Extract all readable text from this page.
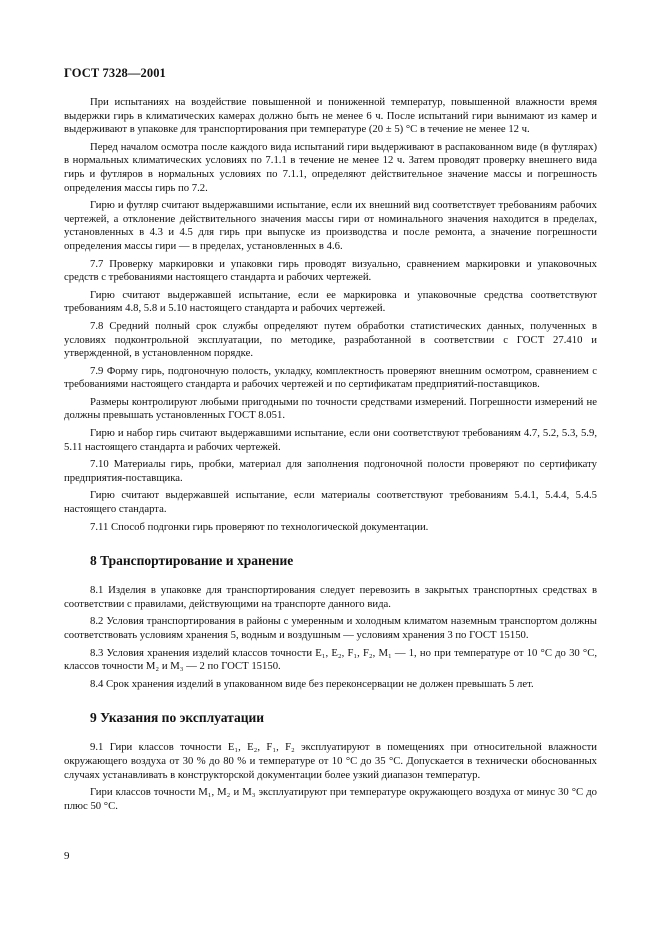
ГОСТ 7328—2001

При испытаниях на воздействие повышенной и пониженной температур, повышенной влажности время выдержки гирь в климатических камерах должно быть не менее 6 ч. После испытаний гири вынимают из камер и выдерживают в упаковке для транспортирования при температуре (20 ± 5) °С в течение не менее 12 ч.

Перед началом осмотра после каждого вида испытаний гири выдерживают в распакованном виде (в футлярах) в нормальных климатических условиях по 7.1.1 в течение не менее 12 ч. Затем проводят проверку внешнего вида гирь и футляров в нормальных условиях по 7.1.1, определяют действительное значение массы и погрешность определения массы гирь по 7.2.

Гирю и футляр считают выдержавшими испытание, если их внешний вид соответствует требованиям рабочих чертежей, а отклонение действительного значения массы гири от номинального значения находится в пределах, установленных в 4.3 и 4.5 для гирь при выпуске из производства и после ремонта, а значение погрешности определения массы гири — в пределах, установленных в 4.6.

7.7 Проверку маркировки и упаковки гирь проводят визуально, сравнением маркировки и упаковочных средств с требованиями настоящего стандарта и рабочих чертежей.

Гирю считают выдержавшей испытание, если ее маркировка и упаковочные средства соответствуют требованиям 4.8, 5.8 и 5.10 настоящего стандарта и рабочих чертежей.

7.8 Средний полный срок службы определяют путем обработки статистических данных, полученных в условиях подконтрольной эксплуатации, по методике, разработанной в соответствии с ГОСТ 27.410 и утвержденной, в установленном порядке.

7.9 Форму гирь, подгоночную полость, укладку, комплектность проверяют внешним осмотром, сравнением с требованиями настоящего стандарта и рабочих чертежей и по сертификатам предприятий-поставщиков.

Размеры контролируют любыми пригодными по точности средствами измерений. Погрешности измерений не должны превышать установленных ГОСТ 8.051.

Гирю и набор гирь считают выдержавшими испытание, если они соответствуют требованиям 4.7, 5.2, 5.3, 5.9, 5.11 настоящего стандарта и рабочих чертежей.

7.10 Материалы гирь, пробки, материал для заполнения подгоночной полости проверяют по сертификату предприятия-поставщика.

Гирю считают выдержавшей испытание, если материалы соответствуют требованиям 5.4.1, 5.4.4, 5.4.5 настоящего стандарта.

7.11 Способ подгонки гирь проверяют по технологической документации.

8 Транспортирование и хранение

8.1 Изделия в упаковке для транспортирования следует перевозить в закрытых транспортных средствах в соответствии с правилами, действующими на транспорте данного вида.

8.2 Условия транспортирования в районы с умеренным и холодным климатом наземным транспортом должны соответствовать условиям хранения 5, водным и воздушным — условиям хранения 3 по ГОСТ 15150.

8.3 Условия хранения изделий классов точности E₁, E₂, F₁, F₂, M₁ — 1, но при температуре от 10 °С до 30 °С, классов точности M₂ и M₃ — 2 по ГОСТ 15150.

8.4 Срок хранения изделий в упакованном виде без переконсервации не должен превышать 5 лет.

9 Указания по эксплуатации

9.1 Гири классов точности E₁, E₂, F₁, F₂ эксплуатируют в помещениях при относительной влажности окружающего воздуха от 30 % до 80 % и температуре от 10 °С до 35 °С. Допускается в технически обоснованных случаях устанавливать в конструкторской документации более узкий диапазон температур.

Гири классов точности M₁, M₂ и M₃ эксплуатируют при температуре окружающего воздуха от минус 30 °С до плюс 50 °С.

9
